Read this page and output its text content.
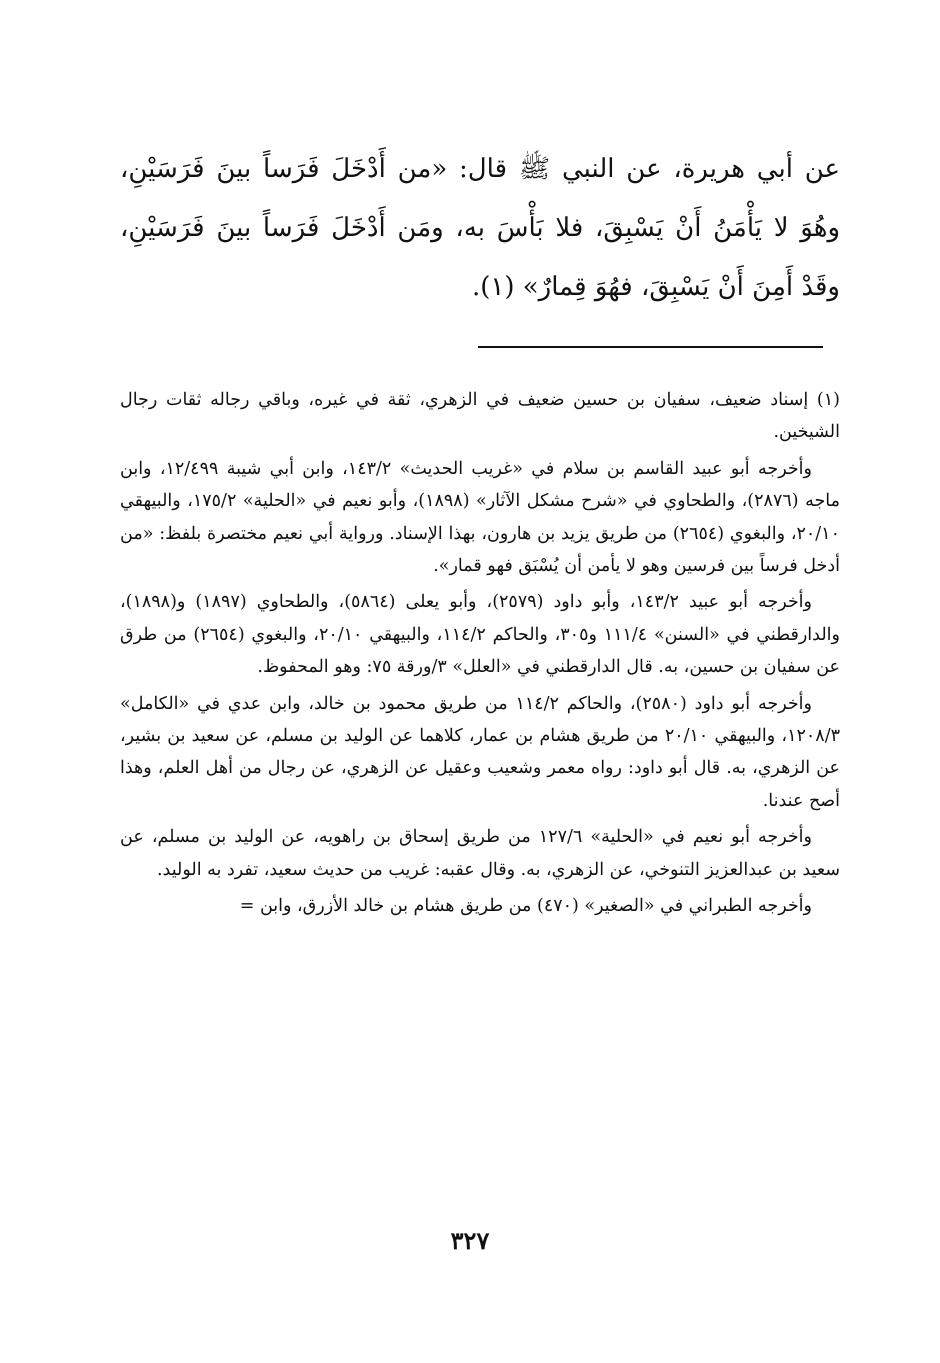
عن أبي هريرة، عن النبي ﷺ قال: «من أَدْخَلَ فَرَساً بينَ فَرَسَيْنِ، وهُوَ لا يَأْمَنُ أَنْ يَسْبِقَ، فلا بَأْسَ به، ومَن أَدْخَلَ فَرَساً بينَ فَرَسَيْنِ، وقَدْ أَمِنَ أَنْ يَسْبِقَ، فهُوَ قِمارٌ» (١).

(١) إسناد ضعيف، سفيان بن حسين ضعيف في الزهري، ثقة في غيره، وباقي رجاله ثقات رجال الشيخين.

وأخرجه أبو عبيد القاسم بن سلام في «غريب الحديث» ١٤٣/٢، وابن أبي شيبة ١٢/٤٩٩، وابن ماجه (٢٨٧٦)، والطحاوي في «شرح مشكل الآثار» (١٨٩٨)، وأبو نعيم في «الحلية» ١٧٥/٢، والبيهقي ٢٠/١٠، والبغوي (٢٦٥٤) من طريق يزيد بن هارون، بهذا الإسناد. ورواية أبي نعيم مختصرة بلفظ: «من أدخل فرساً بين فرسين وهو لا يأمن أن يُسْبَق فهو قمار».

وأخرجه أبو عبيد ١٤٣/٢، وأبو داود (٢٥٧٩)، وأبو يعلى (٥٨٦٤)، والطحاوي (١٨٩٧) و(١٨٩٨)، والدارقطني في «السنن» ١١١/٤ و٣٠٥، والحاكم ١١٤/٢، والبيهقي ٢٠/١٠، والبغوي (٢٦٥٤) من طرق عن سفيان بن حسين، به. قال الدارقطني في «العلل» ٣/ورقة ٧٥: وهو المحفوظ.

وأخرجه أبو داود (٢٥٨٠)، والحاكم ١١٤/٢ من طريق محمود بن خالد، وابن عدي في «الكامل» ١٢٠٨/٣، والبيهقي ٢٠/١٠ من طريق هشام بن عمار، كلاهما عن الوليد بن مسلم، عن سعيد بن بشير، عن الزهري، به. قال أبو داود: رواه معمر وشعيب وعقيل عن الزهري، عن رجال من أهل العلم، وهذا أصح عندنا.

وأخرجه أبو نعيم في «الحلية» ١٢٧/٦ من طريق إسحاق بن راهويه، عن الوليد بن مسلم، عن سعيد بن عبدالعزيز التنوخي، عن الزهري، به. وقال عقبه: غريب من حديث سعيد، تفرد به الوليد.

وأخرجه الطبراني في «الصغير» (٤٧٠) من طريق هشام بن خالد الأزرق، وابن =

٣٢٧
